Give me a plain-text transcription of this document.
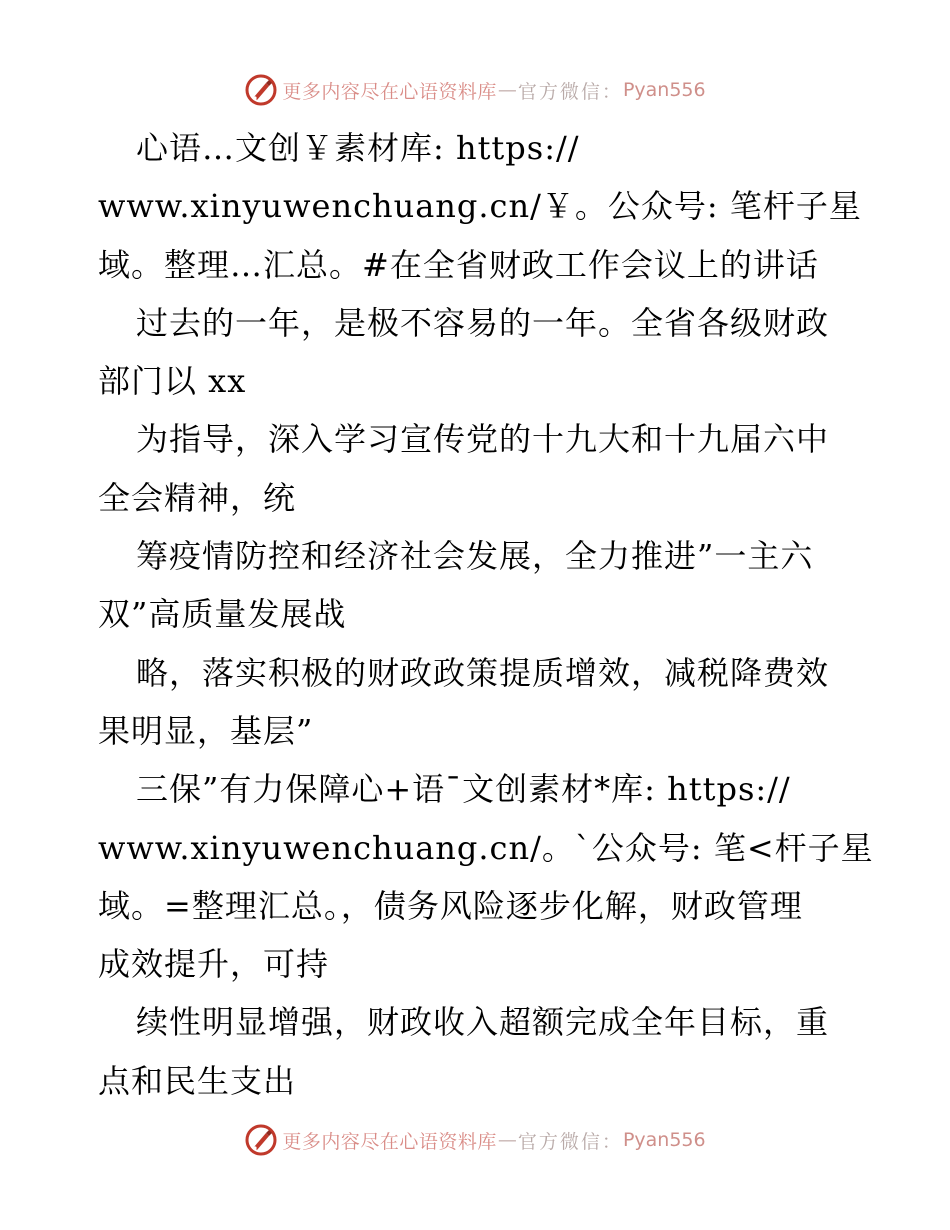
更多内容尽在心语资料库 — 官方微信： Pyan556
心语…文创￥素材库: https://
www.xinyuwenchuang.cn/￥。公众号: 笔杆子星
域。整理…汇总。#在全省财政工作会议上的讲话
过去的一年，是极不容易的一年。全省各级财政
部门以 xx
为指导，深入学习宣传党的十九大和十九届六中
全会精神，统
筹疫情防控和经济社会发展，全力推进”一主六
双”高质量发展战
略，落实积极的财政政策提质增效，减税降费效
果明显，基层”
三保”有力保障心+语¯文创素材*库: https://
www.xinyuwenchuang.cn/。`公众号: 笔<杆子星
域。=整理汇总。，债务风险逐步化解，财政管理
成效提升，可持
续性明显增强，财政收入超额完成全年目标，重
点和民生支出
更多内容尽在心语资料库 — 官方微信： Pyan556
